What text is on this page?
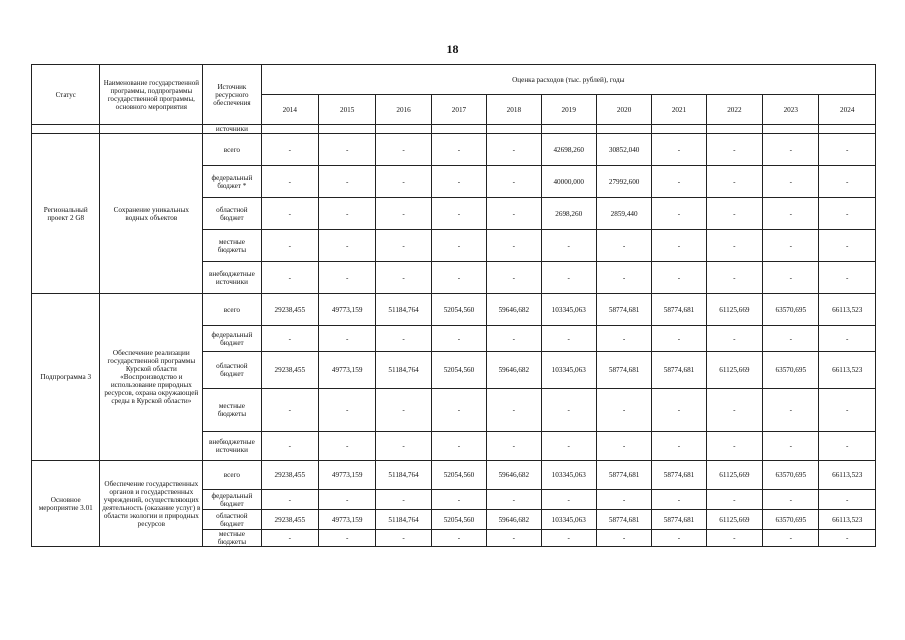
18
Статус	Наименование государственной программы, подпрограммы государственной программы, основного мероприятия	Источник ресурсного обеспечения	Оценка расходов (тыс. рублей), годы										
			2014	2015	2016	2017	2018	2019	2020	2021	2022	2023	2024
		источники											
Региональный проект 2 G8	Сохранение уникальных водных объектов	всего	-	-	-	-	-	42698,260	30852,040	-	-	-	-
		федеральный бюджет *	-	-	-	-	-	40000,000	27992,600	-	-	-	-
		областной бюджет	-	-	-	-	-	2698,260	2859,440	-	-	-	-
		местные бюджеты	-	-	-	-	-	-	-	-	-	-	-
		внебюджетные источники	-	-	-	-	-	-	-	-	-	-	-
Подпрограмма 3	Обеспечение реализации государственной программы Курской области «Воспроизводство и использование природных ресурсов, охрана окружающей среды в Курской области»	всего	29238,455	49773,159	51184,764	52054,560	59646,682	103345,063	58774,681	58774,681	61125,669	63570,695	66113,523
		федеральный бюджет	-	-	-	-	-	-	-	-	-	-	-
		областной бюджет	29238,455	49773,159	51184,764	52054,560	59646,682	103345,063	58774,681	58774,681	61125,669	63570,695	66113,523
		местные бюджеты	-	-	-	-	-	-	-	-	-	-	-
		внебюджетные источники	-	-	-	-	-	-	-	-	-	-	-
Основное мероприятие 3.01	Обеспечение государственных органов и государственных учреждений, осуществляющих деятельность (оказание услуг) в области экологии и природных ресурсов	всего	29238,455	49773,159	51184,764	52054,560	59646,682	103345,063	58774,681	58774,681	61125,669	63570,695	66113,523
		федеральный бюджет	-	-	-	-	-	-	-	-	-	-	-
		областной бюджет	29238,455	49773,159	51184,764	52054,560	59646,682	103345,063	58774,681	58774,681	61125,669	63570,695	66113,523
		местные бюджеты	-	-	-	-	-	-	-	-	-	-	-
